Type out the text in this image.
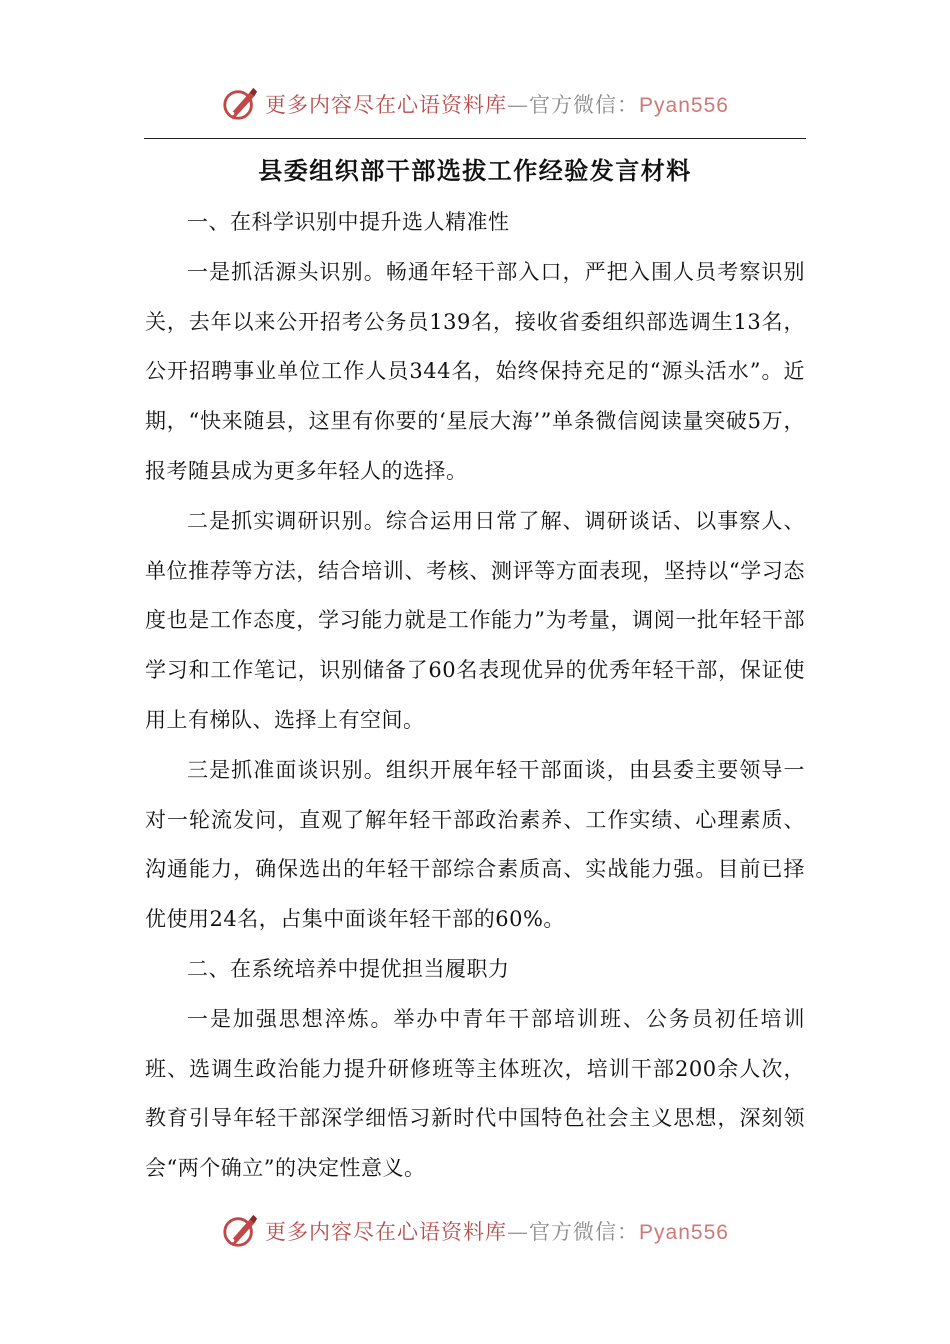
更多内容尽在心语资料库—官方微信：Pyan556
县委组织部干部选拔工作经验发言材料

一、在科学识别中提升选人精准性

一是抓活源头识别。畅通年轻干部入口，严把入围人员考察识别关，去年以来公开招考公务员139名，接收省委组织部选调生13名，公开招聘事业单位工作人员344名，始终保持充足的“源头活水”。近期，“快来随县，这里有你要的‘星辰大海’”单条微信阅读量突破5万，报考随县成为更多年轻人的选择。

二是抓实调研识别。综合运用日常了解、调研谈话、以事察人、单位推荐等方法，结合培训、考核、测评等方面表现，坚持以“学习态度也是工作态度，学习能力就是工作能力”为考量，调阅一批年轻干部学习和工作笔记，识别储备了60名表现优异的优秀年轻干部，保证使用上有梯队、选择上有空间。

三是抓准面谈识别。组织开展年轻干部面谈，由县委主要领导一对一轮流发问，直观了解年轻干部政治素养、工作实绩、心理素质、沟通能力，确保选出的年轻干部综合素质高、实战能力强。目前已择优使用24名，占集中面谈年轻干部的60%。

二、在系统培养中提优担当履职力

一是加强思想淬炼。举办中青年干部培训班、公务员初任培训班、选调生政治能力提升研修班等主体班次，培训干部200余人次，教育引导年轻干部深学细悟习新时代中国特色社会主义思想，深刻领会“两个确立”的决定性意义。

更多内容尽在心语资料库—官方微信：Pyan556
